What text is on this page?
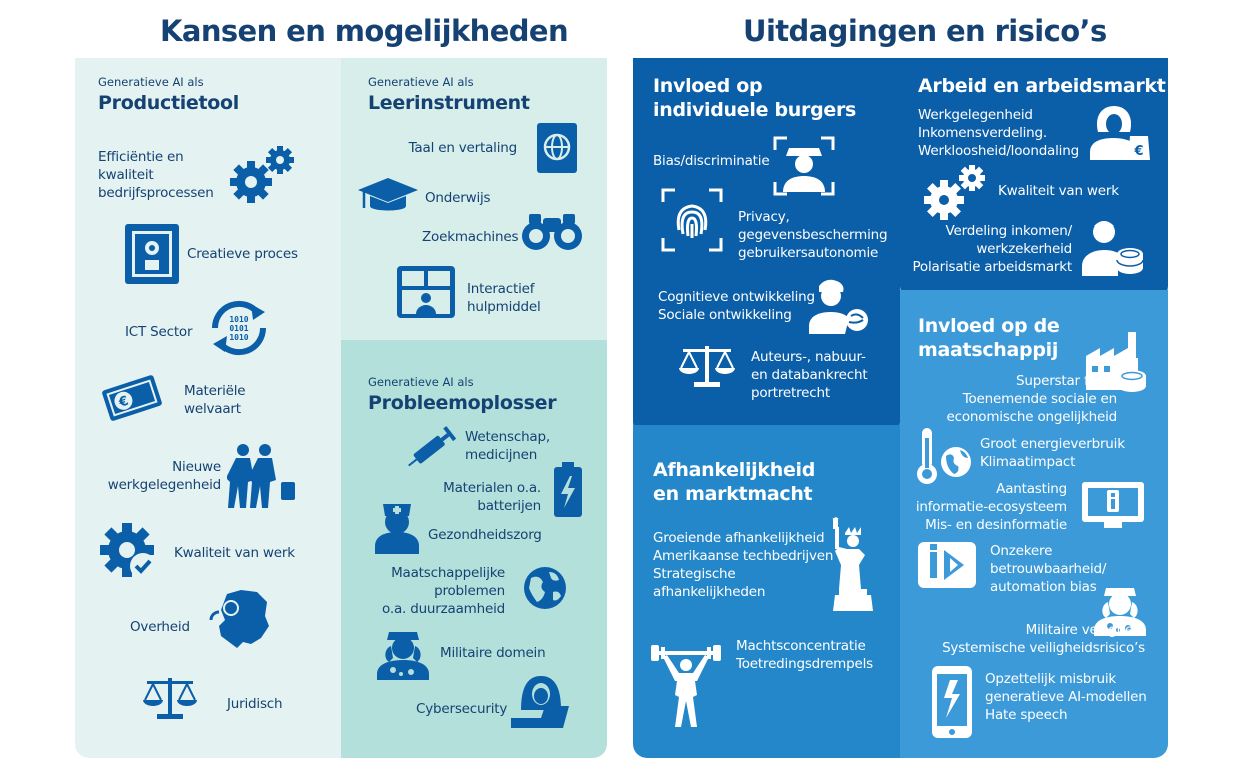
Kansen en mogelijkheden	Uitdagingen en risico’s
Generatieve AI als
Productietool
Efficiëntie en
kwaliteit
bedrijfsprocessen
Creatieve proces
ICT Sector
1010
0101
1010
€
Materiële
welvaart
Nieuwe
werkgelegenheid
Kwaliteit van werk
Overheid
Juridisch
Generatieve AI als
Leerinstrument
Taal en vertaling
Onderwijs
Zoekmachines
Interactief
hulpmiddel
Generatieve AI als
Probleemoplosser
Wetenschap,
medicijnen
Materialen o.a.
batterijen
Gezondheidszorg
Maatschappelijke
problemen
o.a. duurzaamheid
Militaire domein
Cybersecurity
Invloed op
individuele burgers
Bias/discriminatie
Privacy,
gegevensbescherming
gebruikersautonomie
Cognitieve ontwikkeling
Sociale ontwikkeling
Auteurs-, nabuur-
en databankrecht
portretrecht
Afhankelijkheid
en marktmacht
Groeiende afhankelijkheid
Amerikaanse techbedrijven
Strategische
afhankelijkheden
Machtsconcentratie
Toetredingsdrempels
Arbeid en arbeidsmarkt
Werkgelegenheid
Inkomensverdeling.
Werkloosheid/loondaling	€
Kwaliteit van werk
Verdeling inkomen/
werkzekerheid
Polarisatie arbeidsmarkt
Invloed op de
maatschappij
Superstar firms
Toenemende sociale en
economische ongelijkheid
Groot energieverbruik
Klimaatimpact
Aantasting
informatie-ecosysteem
Mis- en desinformatie
Onzekere
betrouwbaarheid/
automation bias
Militaire veiligheid
Systemische veiligheidsrisico’s
Opzettelijk misbruik
generatieve AI-modellen
Hate speech
